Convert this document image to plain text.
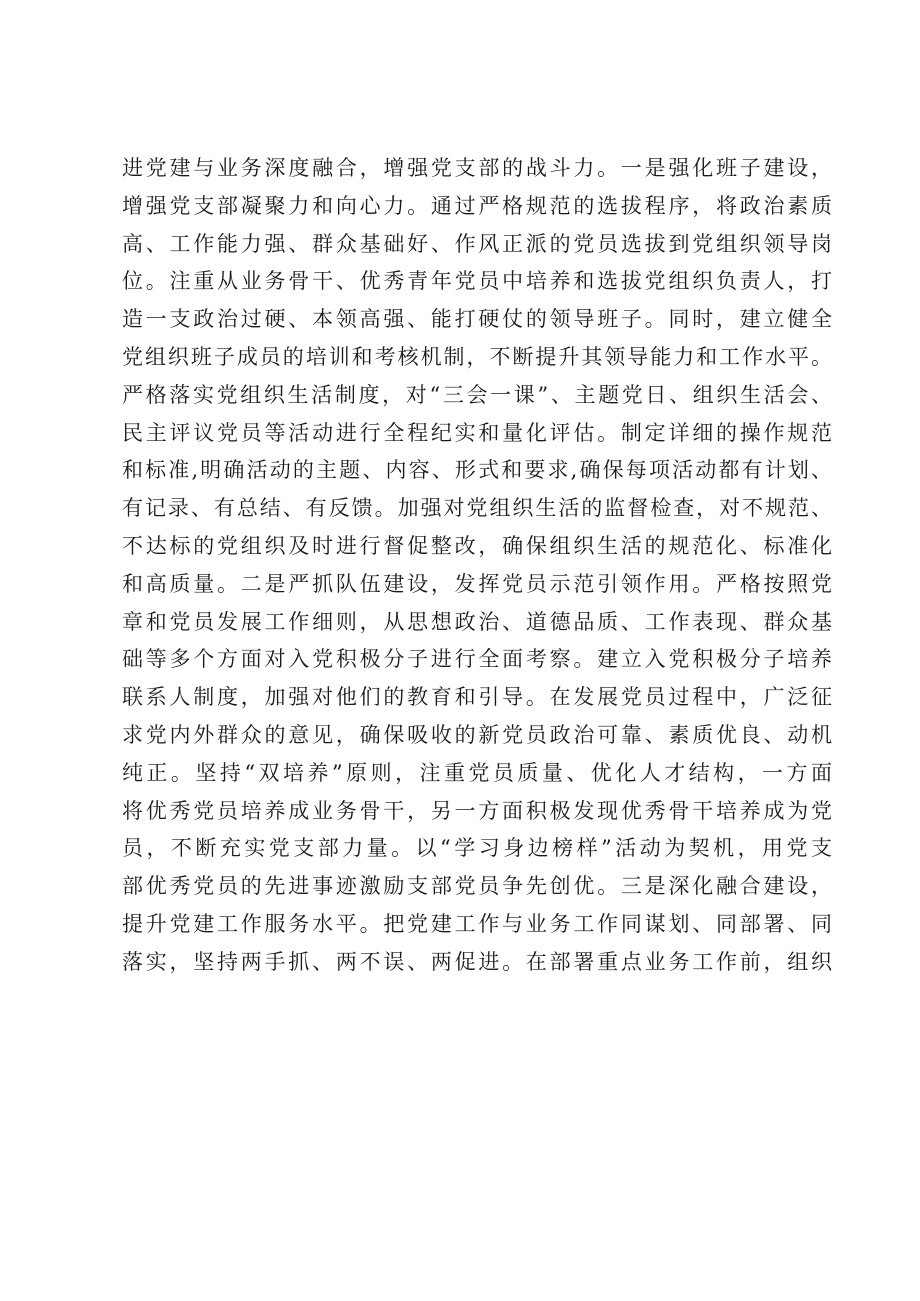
进党建与业务深度融合，增强党支部的战斗力。一是强化班子建设，
增强党支部凝聚力和向心力。通过严格规范的选拔程序，将政治素质
高、工作能力强、群众基础好、作风正派的党员选拔到党组织领导岗
位。注重从业务骨干、优秀青年党员中培养和选拔党组织负责人，打
造一支政治过硬、本领高强、能打硬仗的领导班子。同时，建立健全
党组织班子成员的培训和考核机制，不断提升其领导能力和工作水平。
严格落实党组织生活制度，对“三会一课”、主题党日、组织生活会、
民主评议党员等活动进行全程纪实和量化评估。制定详细的操作规范
和标准,明确活动的主题、内容、形式和要求,确保每项活动都有计划、
有记录、有总结、有反馈。加强对党组织生活的监督检查，对不规范、
不达标的党组织及时进行督促整改，确保组织生活的规范化、标准化
和高质量。二是严抓队伍建设，发挥党员示范引领作用。严格按照党
章和党员发展工作细则，从思想政治、道德品质、工作表现、群众基
础等多个方面对入党积极分子进行全面考察。建立入党积极分子培养
联系人制度，加强对他们的教育和引导。在发展党员过程中，广泛征
求党内外群众的意见，确保吸收的新党员政治可靠、素质优良、动机
纯正。坚持“双培养”原则，注重党员质量、优化人才结构，一方面
将优秀党员培养成业务骨干，另一方面积极发现优秀骨干培养成为党
员，不断充实党支部力量。以“学习身边榜样”活动为契机，用党支
部优秀党员的先进事迹激励支部党员争先创优。三是深化融合建设，
提升党建工作服务水平。把党建工作与业务工作同谋划、同部署、同
落实，坚持两手抓、两不误、两促进。在部署重点业务工作前，组织
